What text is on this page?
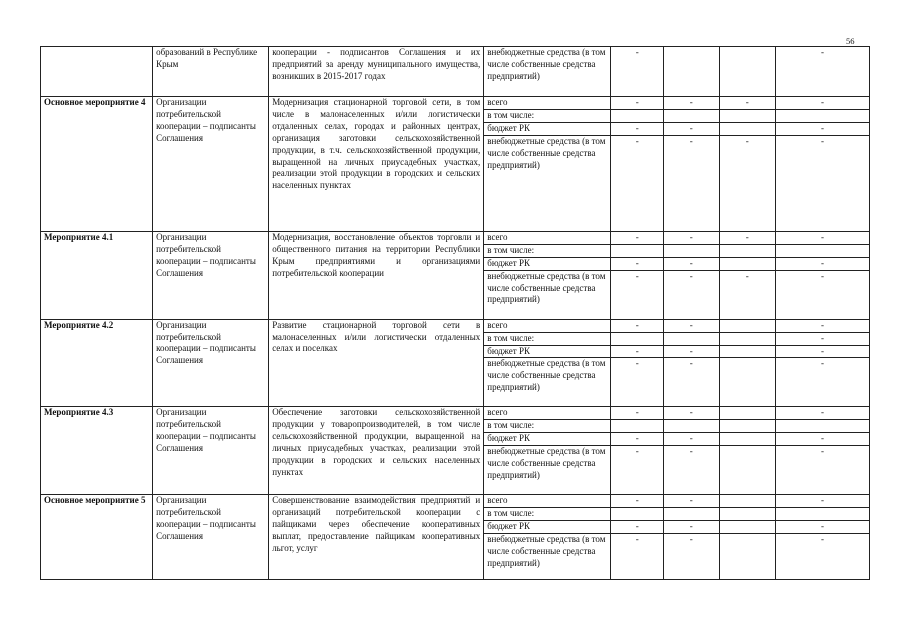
56
	образований в Республике Крым	кооперации - подписантов Соглашения и их предприятий за аренду муниципального имущества, возникших в 2015-2017 годах	внебюджетные средства (в том числе собственные средства предприятий)	-			-
Основное мероприятие 4	Организации потребительской кооперации – подписанты Соглашения	Модернизация стационарной торговой сети, в том числе в малонаселенных и/или логистически отдаленных селах, городах и районных центрах, организация заготовки сельскохозяйственной продукции, в т.ч. сельскохозяйственной продукции, выращенной на личных приусадебных участках, реализации этой продукции в городских и сельских населенных пунктах	всего	-	-	-	-
			в том числе:				
			бюджет РК	-	-		-
			внебюджетные средства (в том числе собственные средства предприятий)	-	-	-	-
Мероприятие 4.1	Организации потребительской кооперации – подписанты Соглашения	Модернизация, восстановление объектов торговли и общественного питания на территории Республики Крым предприятиями и организациями потребительской кооперации	всего	-	-	-	-
			в том числе:				
			бюджет РК	-	-		-
			внебюджетные средства (в том числе собственные средства предприятий)	-	-	-	-
Мероприятие 4.2	Организации потребительской кооперации – подписанты Соглашения	Развитие стационарной торговой сети в малонаселенных и/или логистически отдаленных селах и поселках	всего	-	-		-
			в том числе:				-
			бюджет РК	-	-		-
			внебюджетные средства (в том числе собственные средства предприятий)	-	-		-
Мероприятие 4.3	Организации потребительской кооперации – подписанты Соглашения	Обеспечение заготовки сельскохозяйственной продукции у товаропроизводителей, в том числе сельскохозяйственной продукции, выращенной на личных приусадебных участках, реализации этой продукции в городских и сельских населенных пунктах	всего	-	-		-
			в том числе:				
			бюджет РК	-	-		-
			внебюджетные средства (в том числе собственные средства предприятий)	-	-		-
Основное мероприятие 5	Организации потребительской кооперации – подписанты Соглашения	Совершенствование взаимодействия предприятий и организаций потребительской кооперации с пайщиками через обеспечение кооперативных выплат, предоставление пайщикам кооперативных льгот, услуг	всего	-	-		-
			в том числе:				
			бюджет РК	-	-		-
			внебюджетные средства (в том числе собственные средства предприятий)	-	-		-
